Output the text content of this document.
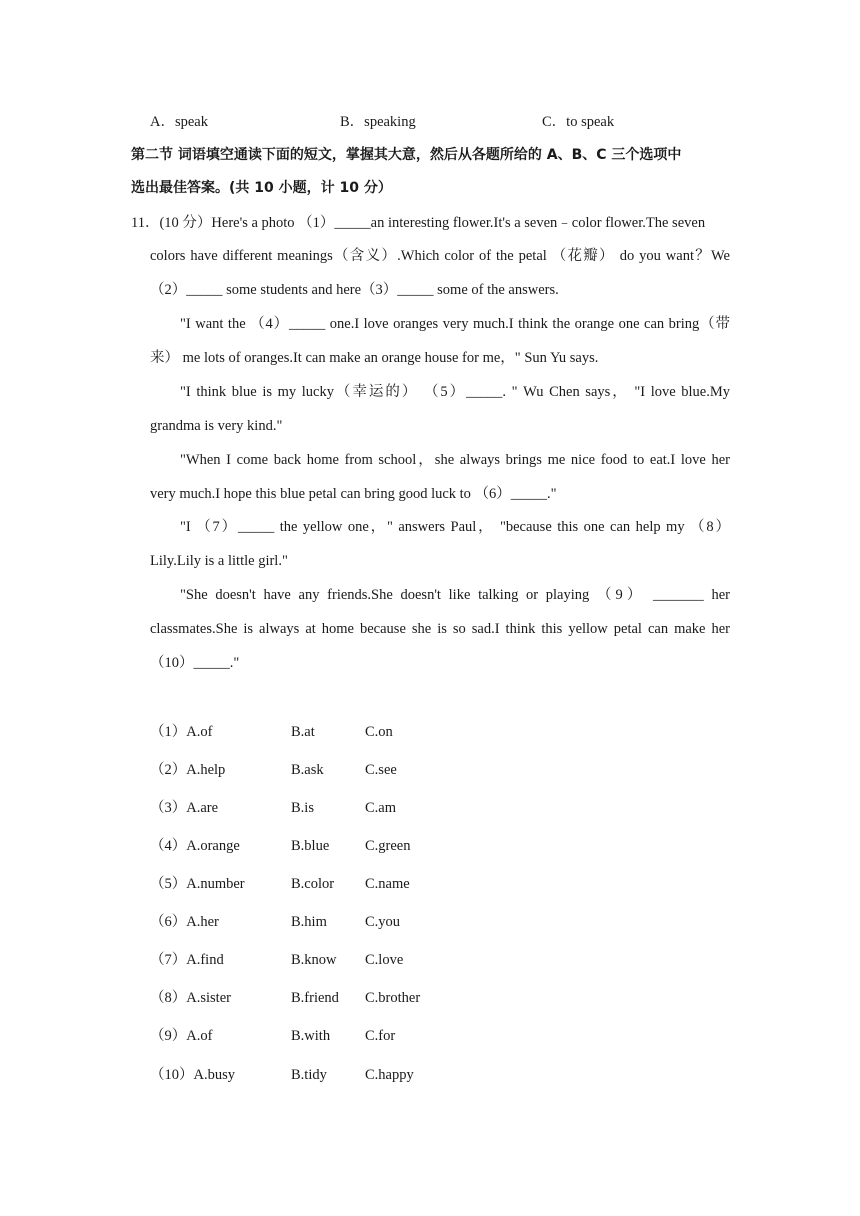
A．speak	B．speaking	C．to speak
第二节 词语填空通读下面的短文，掌握其大意，然后从各题所给的 A、B、C 三个选项中
选出最佳答案。(共 10 小题，计 10 分）
11．(10 分）Here's a photo （1）_____an interesting flower.It's a seven﹣color flower.The seven
colors have different meanings（含义）.Which color of the petal （花瓣） do you want？We
（2）_____ some students and here（3）_____ some of the answers.
"I want the （4）_____ one.I love oranges very much.I think the orange one can bring（带
来） me lots of oranges.It can make an orange house for me，" Sun Yu says.
"I think blue is my lucky（幸运的） （5）_____. " Wu Chen says， "I love blue.My
grandma is very kind."
"When I come back home from school，she always brings me nice food to eat.I love her
very much.I hope this blue petal can bring good luck to （6）_____."
"I （7）_____ the yellow one，" answers Paul， "because this one can help my （8）
Lily.Lily is a little girl."
"She doesn't have any friends.She doesn't like talking or playing （9） _______ her
classmates.She is always at home because she is so sad.I think this yellow petal can make her
（10）_____."
（1）A.of	B.at	C.on
（2）A.help	B.ask	C.see
（3）A.are	B.is	C.am
（4）A.orange	B.blue C.green
（5）A.number	B.color C.name
（6）A.her	B.him	C.you
（7）A.find	B.know C.love
（8）A.sister	B.friend C.brother
（9）A.of	B.with C.for
（10）A.busy	B.tidy	C.happy
